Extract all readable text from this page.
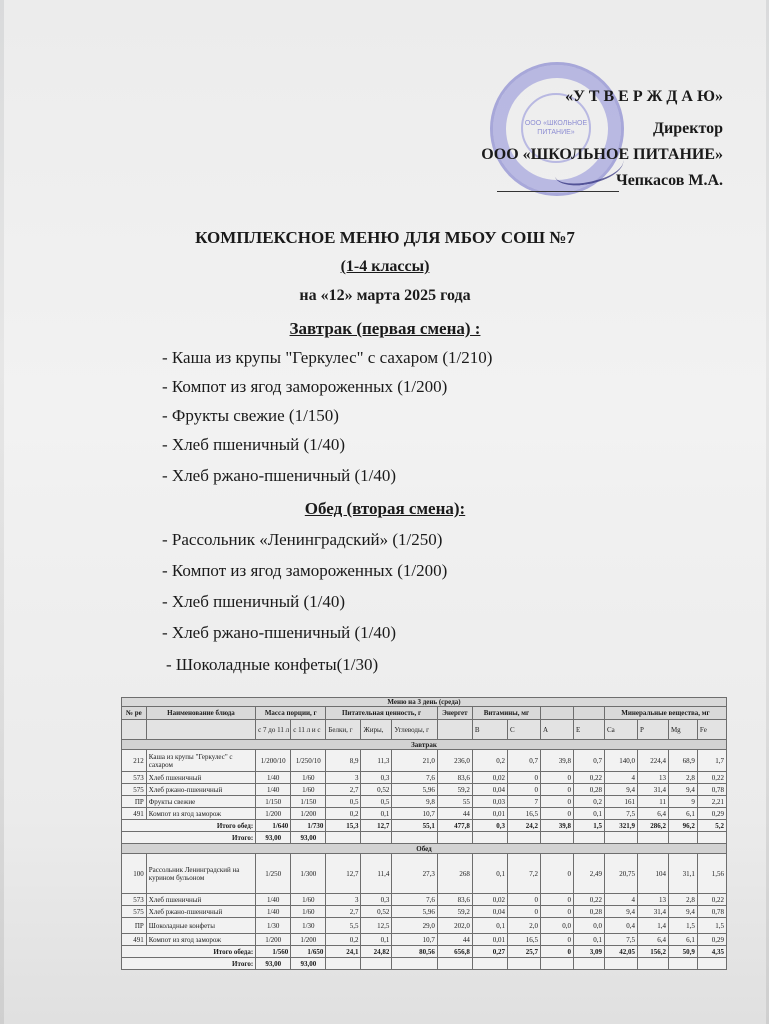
ООО «ШКОЛЬНОЕ ПИТАНИЕ»
«У Т В Е Р Ж Д А Ю»
Директор
ООО «ШКОЛЬНОЕ ПИТАНИЕ»
Чепкасов М.А.
КОМПЛЕКСНОЕ МЕНЮ ДЛЯ МБОУ СОШ №7
(1-4 классы)
на «12» марта 2025 года
Завтрак (первая смена) :
- Каша из крупы "Геркулес" с сахаром (1/210)
- Компот из ягод замороженных (1/200)
- Фрукты свежие (1/150)
- Хлеб пшеничный (1/40)
- Хлеб ржано-пшеничный (1/40)
Обед (вторая смена):
- Рассольник «Ленинградский» (1/250)
- Компот из ягод замороженных (1/200)
- Хлеб пшеничный (1/40)
- Хлеб ржано-пшеничный (1/40)
- Шоколадные конфеты(1/30)
Меню на 3 день (среда)															
№ ре	Наименование блюда	Масса порции, г		Питательная ценность, г			Энергет	Витамины, мг				Минеральные вещества, мг			
		с 7 до 11 л	с 11 л и с	Белки, г	Жиры,	Углеводы, г		В	С	А	Е	Са	Р	Mg	Fe
Завтрак															
212	Каша из крупы "Геркулес" с сахаром	1/200/10	1/250/10	8,9	11,3	21,0	236,0	0,2	0,7	39,8	0,7	140,0	224,4	68,9	1,7
573	Хлеб пшеничный	1/40	1/60	3	0,3	7,6	83,6	0,02	0	0	0,22	4	13	2,8	0,22
575	Хлеб ржано-пшеничный	1/40	1/60	2,7	0,52	5,96	59,2	0,04	0	0	0,28	9,4	31,4	9,4	0,78
ПР	Фрукты свежие	1/150	1/150	0,5	0,5	9,8	55	0,03	7	0	0,2	161	11	9	2,21
491	Компот из ягод заморож	1/200	1/200	0,2	0,1	10,7	44	0,01	16,5	0	0,1	7,5	6,4	6,1	0,29
Итого обед:		1/640	1/730	15,3	12,7	55,1	477,8	0,3	24,2	39,8	1,5	321,9	286,2	96,2	5,2
Итого:		93,00	93,00												
Обед															
100	Рассольник Ленинградский на курином бульоном	1/250	1/300	12,7	11,4	27,3	268	0,1	7,2	0	2,49	20,75	104	31,1	1,56
573	Хлеб пшеничный	1/40	1/60	3	0,3	7,6	83,6	0,02	0	0	0,22	4	13	2,8	0,22
575	Хлеб ржано-пшеничный	1/40	1/60	2,7	0,52	5,96	59,2	0,04	0	0	0,28	9,4	31,4	9,4	0,78
ПР	Шоколадные конфеты	1/30	1/30	5,5	12,5	29,0	202,0	0,1	2,0	0,0	0,0	0,4	1,4	1,5	1,5
491	Компот из ягод заморож	1/200	1/200	0,2	0,1	10,7	44	0,01	16,5	0	0,1	7,5	6,4	6,1	0,29
Итого обеда:		1/560	1/650	24,1	24,82	80,56	656,8	0,27	25,7	0	3,09	42,05	156,2	50,9	4,35
Итого:		93,00	93,00												
